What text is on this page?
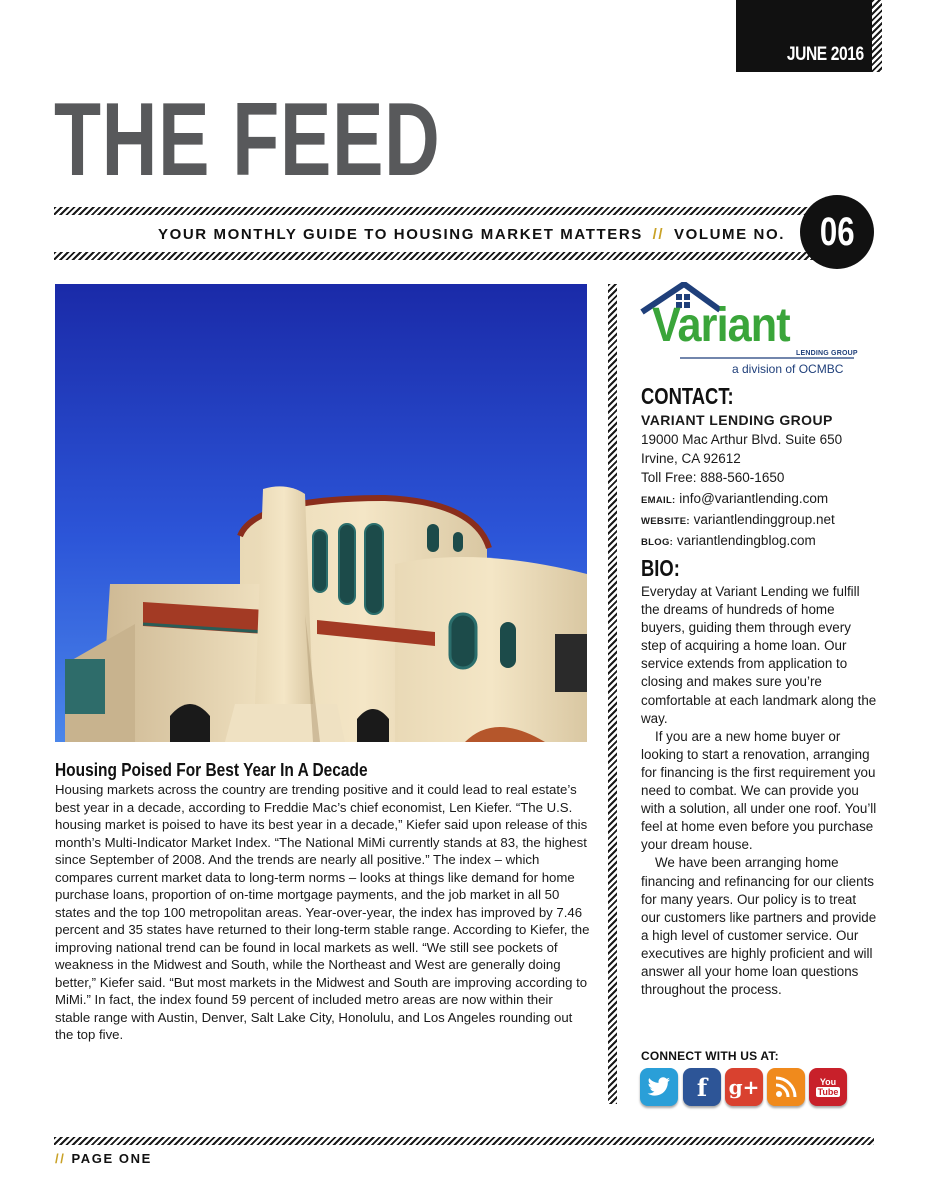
JUNE 2016
THE FEED
YOUR MONTHLY GUIDE TO HOUSING MARKET MATTERS // VOLUME NO. 06
Housing Poised For Best Year In A Decade
Housing markets across the country are trending positive and it could lead to real estate’s best year in a decade, according to Freddie Mac’s chief economist, Len Kiefer. “The U.S. housing market is poised to have its best year in a decade,” Kiefer said upon release of this month’s Multi-Indicator Market Index. “The National MiMi currently stands at 83, the highest since September of 2008. And the trends are nearly all positive.” The index – which compares current market data to long-term norms – looks at things like demand for home purchase loans, proportion of on-time mortgage payments, and the job market in all 50 states and the top 100 metropolitan areas. Year-over-year, the index has improved by 7.46 percent and 35 states have returned to their long-term stable range. According to Kiefer, the improving national trend can be found in local markets as well. “We still see pockets of weakness in the Midwest and South, while the Northeast and West are generally doing better,” Kiefer said. “But most markets in the Midwest and South are improving according to MiMi.” In fact, the index found 59 percent of included metro areas are now within their stable range with Austin, Denver, Salt Lake City, Honolulu, and Los Angeles rounding out the top five.
Variant
LENDING GROUP
a division of OCMBC
CONTACT:
VARIANT LENDING GROUP
19000 Mac Arthur Blvd. Suite 650
Irvine, CA 92612
Toll Free: 888-560-1650
EMAIL: info@variantlending.com
WEBSITE: variantlendinggroup.net
BLOG: variantlendingblog.com
BIO:

Everyday at Variant Lending we fulfill the dreams of hundreds of home buyers, guiding them through every step of acquiring a home loan. Our service extends from application to closing and makes sure you’re comfortable at each landmark along the way.

If you are a new home buyer or looking to start a renovation, arranging for financing is the first requirement you need to combat. We can provide you with a solution, all under one roof. You’ll feel at home even before you purchase your dream house.

We have been arranging home financing and refinancing for our clients for many years. Our policy is to treat our customers like partners and provide a high level of customer service. Our executives are highly proficient and will answer all your home loan questions throughout the process.

CONNECT WITH US AT:
f	g+	You
Tube
// PAGE ONE
